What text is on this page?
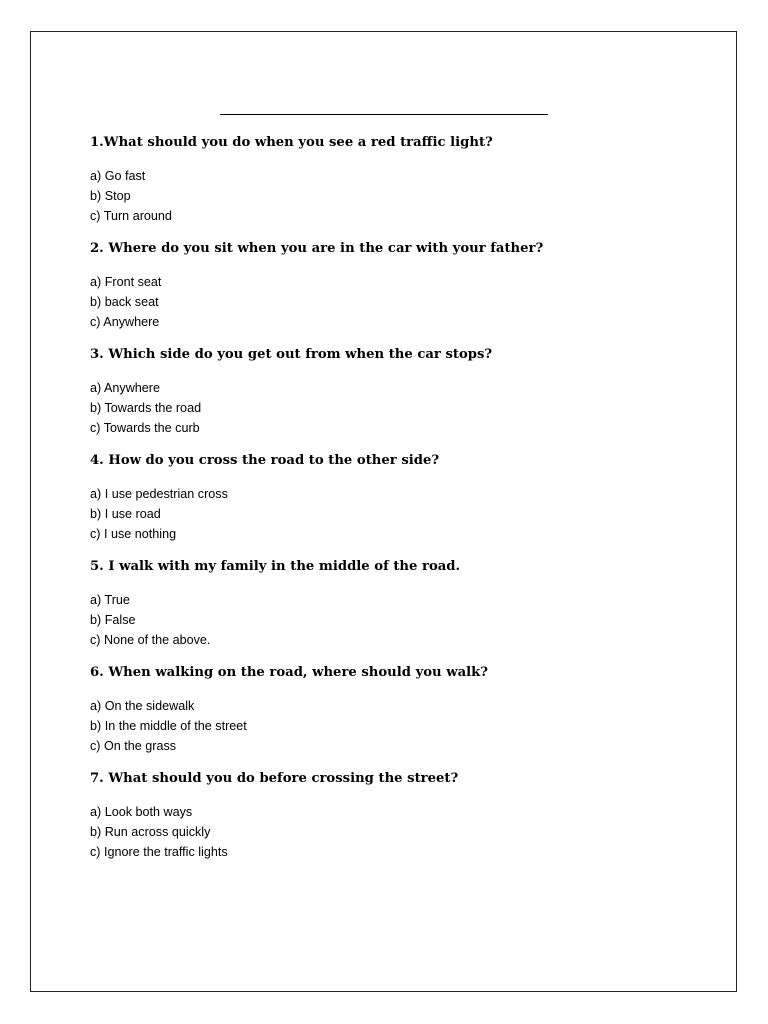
1.What should you do when you see a red traffic light?
a) Go fast
b) Stop
c) Turn around
2. Where do you sit when you are in the car with your father?
a) Front seat
b) back seat
c) Anywhere
3. Which side do you get out from when the car stops?
a) Anywhere
b) Towards the road
c) Towards the curb
4. How do you cross the road to the other side?
a) I use pedestrian cross
b) I use road
c) I use nothing
5. I walk with my family in the middle of the road.
a) True
b) False
c) None of the above.
6. When walking on the road, where should you walk?
a) On the sidewalk
b) In the middle of the street
c) On the grass
7. What should you do before crossing the street?
a) Look both ways
b) Run across quickly
c) Ignore the traffic lights
